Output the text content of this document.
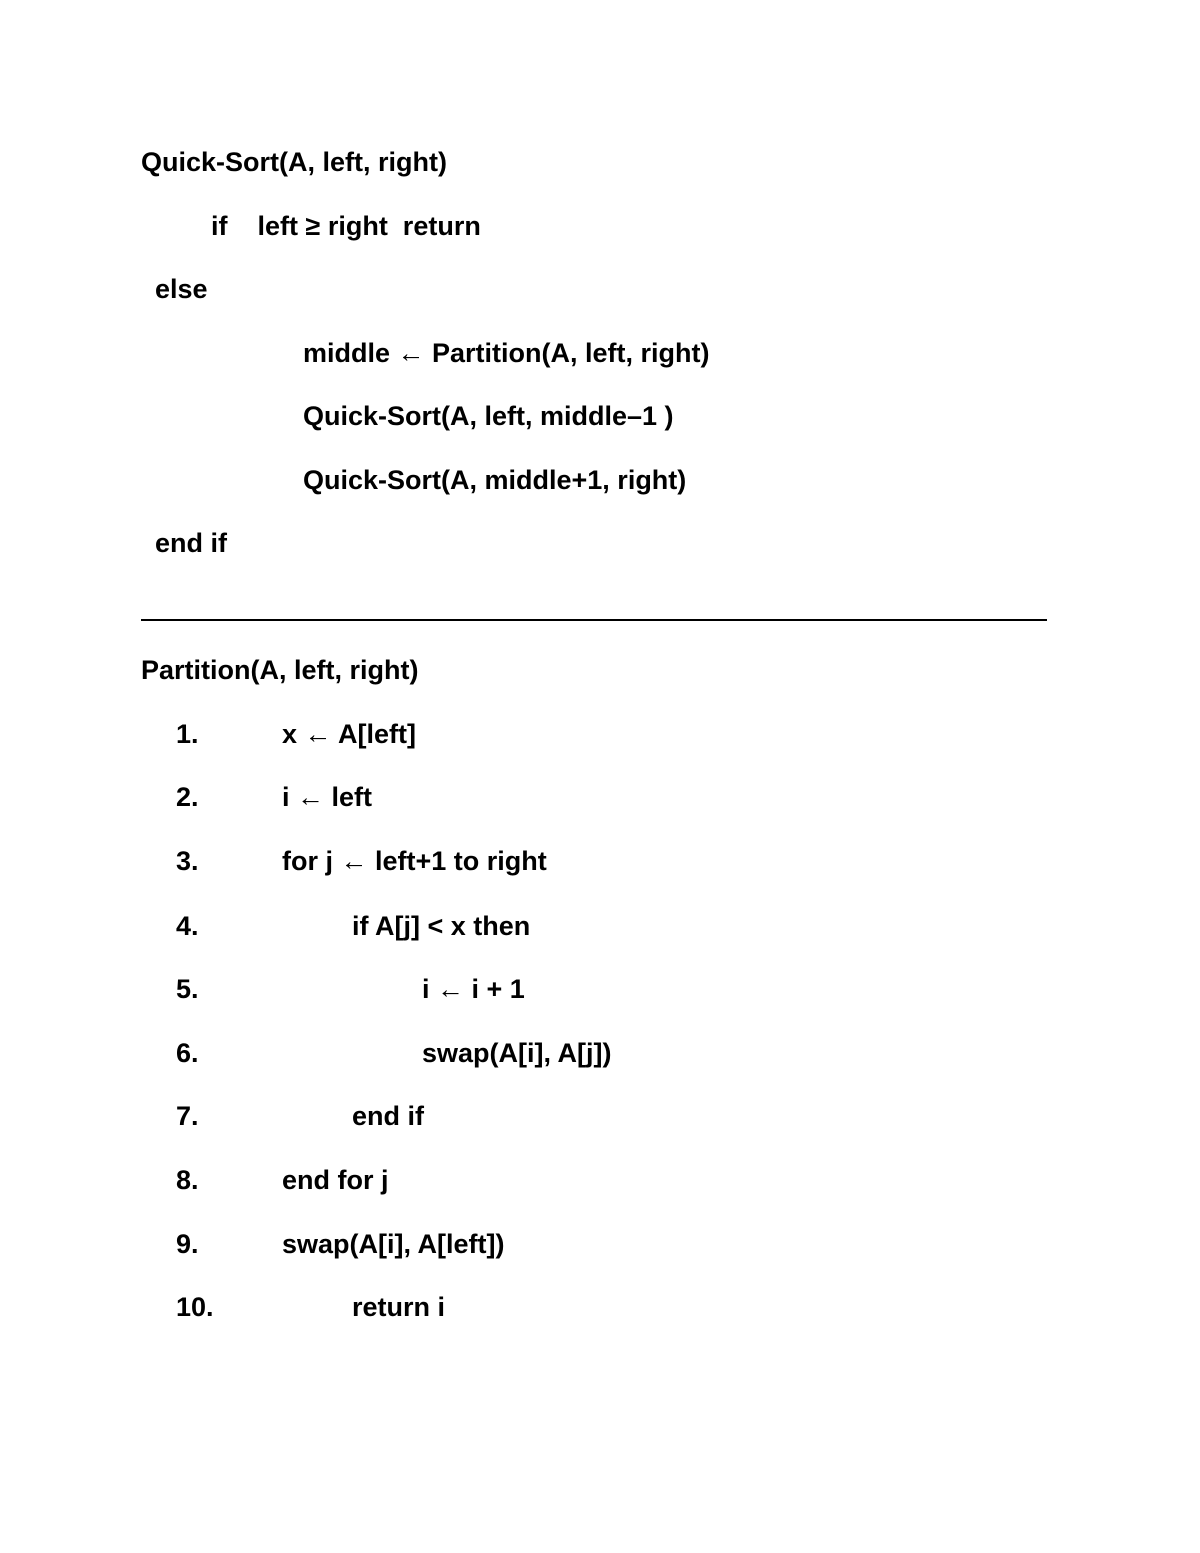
Quick-Sort(A, left, right)
if    left ≥ right  return
else
middle ← Partition(A, left, right)
Quick-Sort(A, left, middle–1 )
Quick-Sort(A, middle+1, right)
end if
Partition(A, left, right)
1.	x ← A[left]
2.	i ← left
3.	for j ← left+1 to right
4.	if A[j] < x then
5.	i ← i + 1
6.	swap(A[i], A[j])
7.	end if
8.	end for j
9.	swap(A[i], A[left])
10.	return i
